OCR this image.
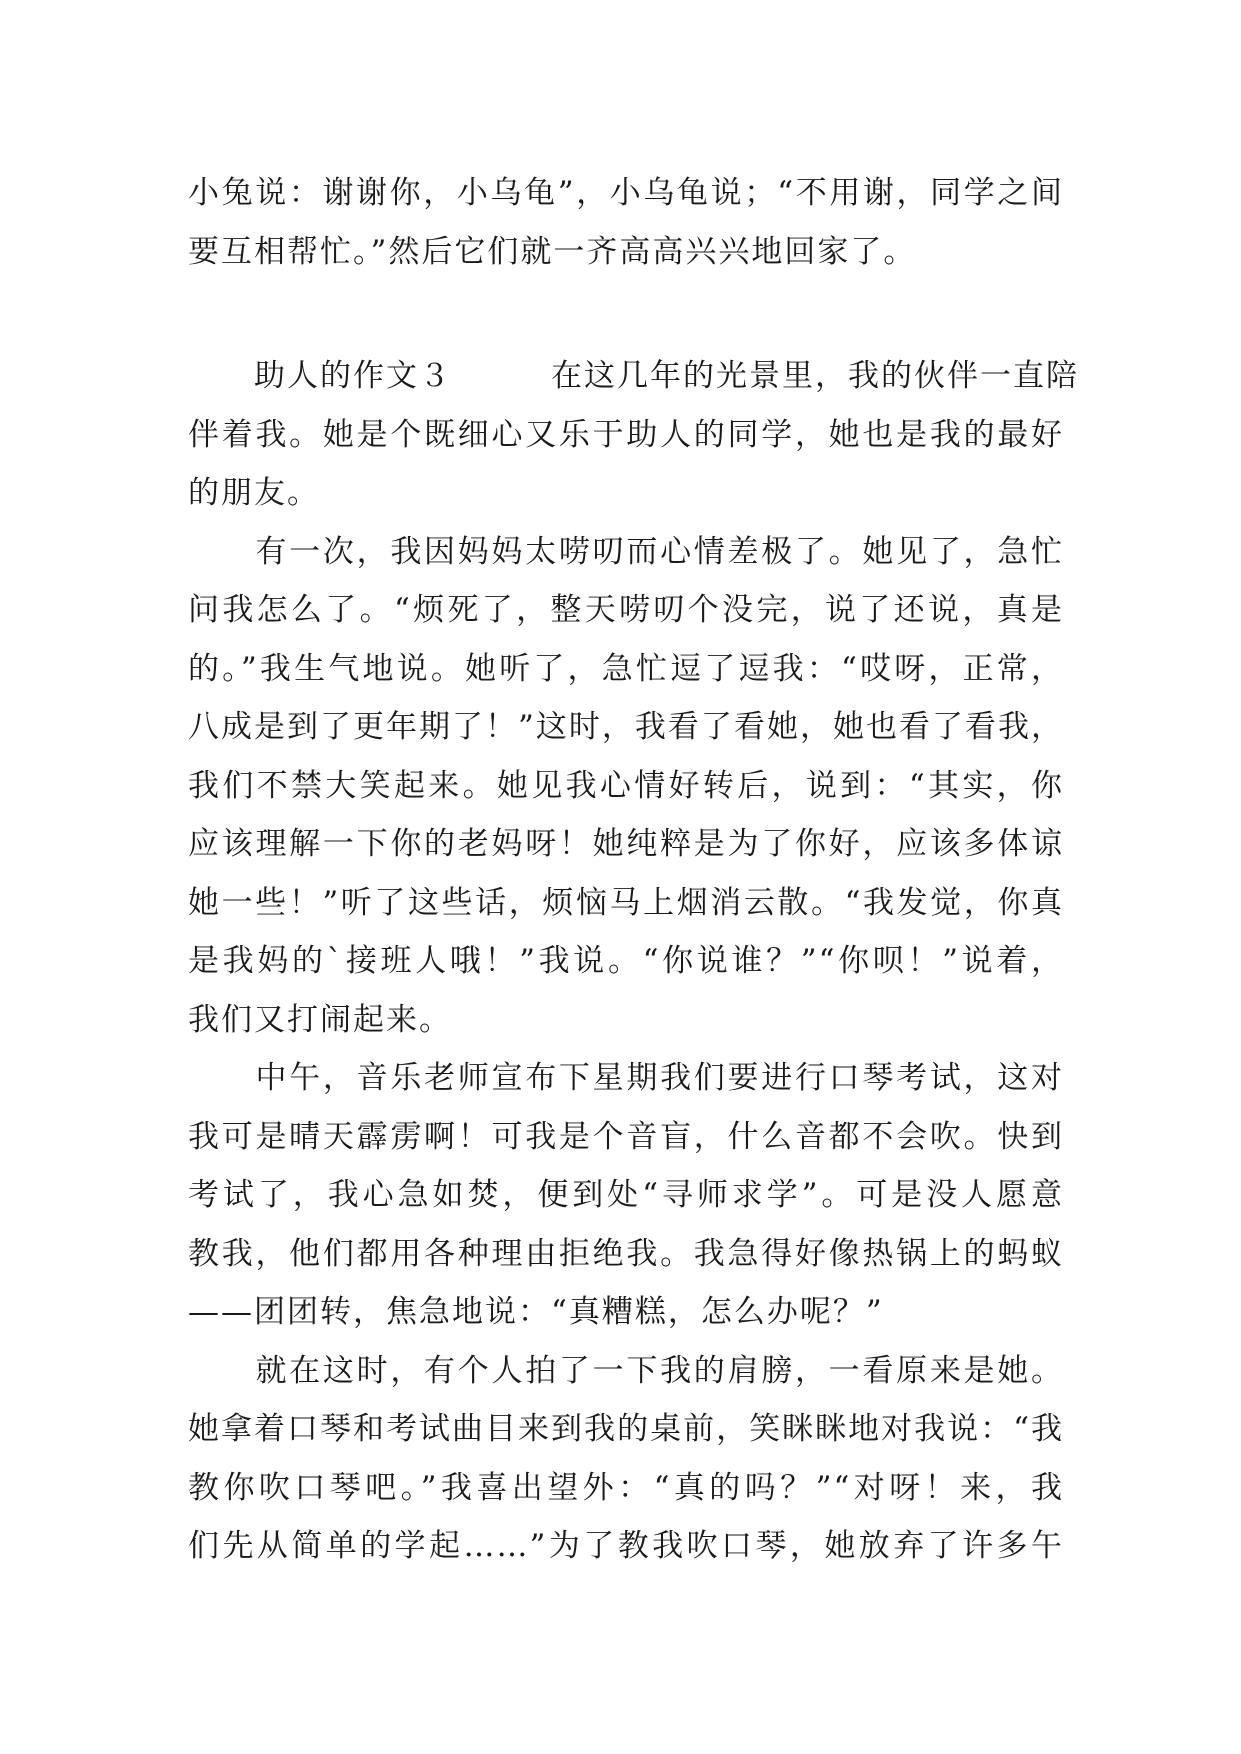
小兔说：谢谢你，小乌龟”，小乌龟说；“不用谢，同学之间
要互相帮忙。”然后它们就一齐高高兴兴地回家了。
　　助人的作文３　　　在这几年的光景里，我的伙伴一直陪
伴着我。她是个既细心又乐于助人的同学，她也是我的最好
的朋友。
　　有一次，我因妈妈太唠叨而心情差极了。她见了，急忙
问我怎么了。“烦死了，整天唠叨个没完，说了还说，真是
的。”我生气地说。她听了，急忙逗了逗我：“哎呀，正常，
八成是到了更年期了！”这时，我看了看她，她也看了看我，
我们不禁大笑起来。她见我心情好转后，说到：“其实，你
应该理解一下你的老妈呀！她纯粹是为了你好，应该多体谅
她一些！”听了这些话，烦恼马上烟消云散。“我发觉，你真
是我妈的`接班人哦！”我说。“你说谁？”“你呗！”说着，
我们又打闹起来。
　　中午，音乐老师宣布下星期我们要进行口琴考试，这对
我可是晴天霹雳啊！可我是个音盲，什么音都不会吹。快到
考试了，我心急如焚，便到处“寻师求学”。可是没人愿意
教我，他们都用各种理由拒绝我。我急得好像热锅上的蚂蚁
——团团转，焦急地说：“真糟糕，怎么办呢？”
　　就在这时，有个人拍了一下我的肩膀，一看原来是她。
她拿着口琴和考试曲目来到我的桌前，笑眯眯地对我说：“我
教你吹口琴吧。”我喜出望外：“真的吗？”“对呀！来，我
们先从简单的学起……”为了教我吹口琴，她放弃了许多午
